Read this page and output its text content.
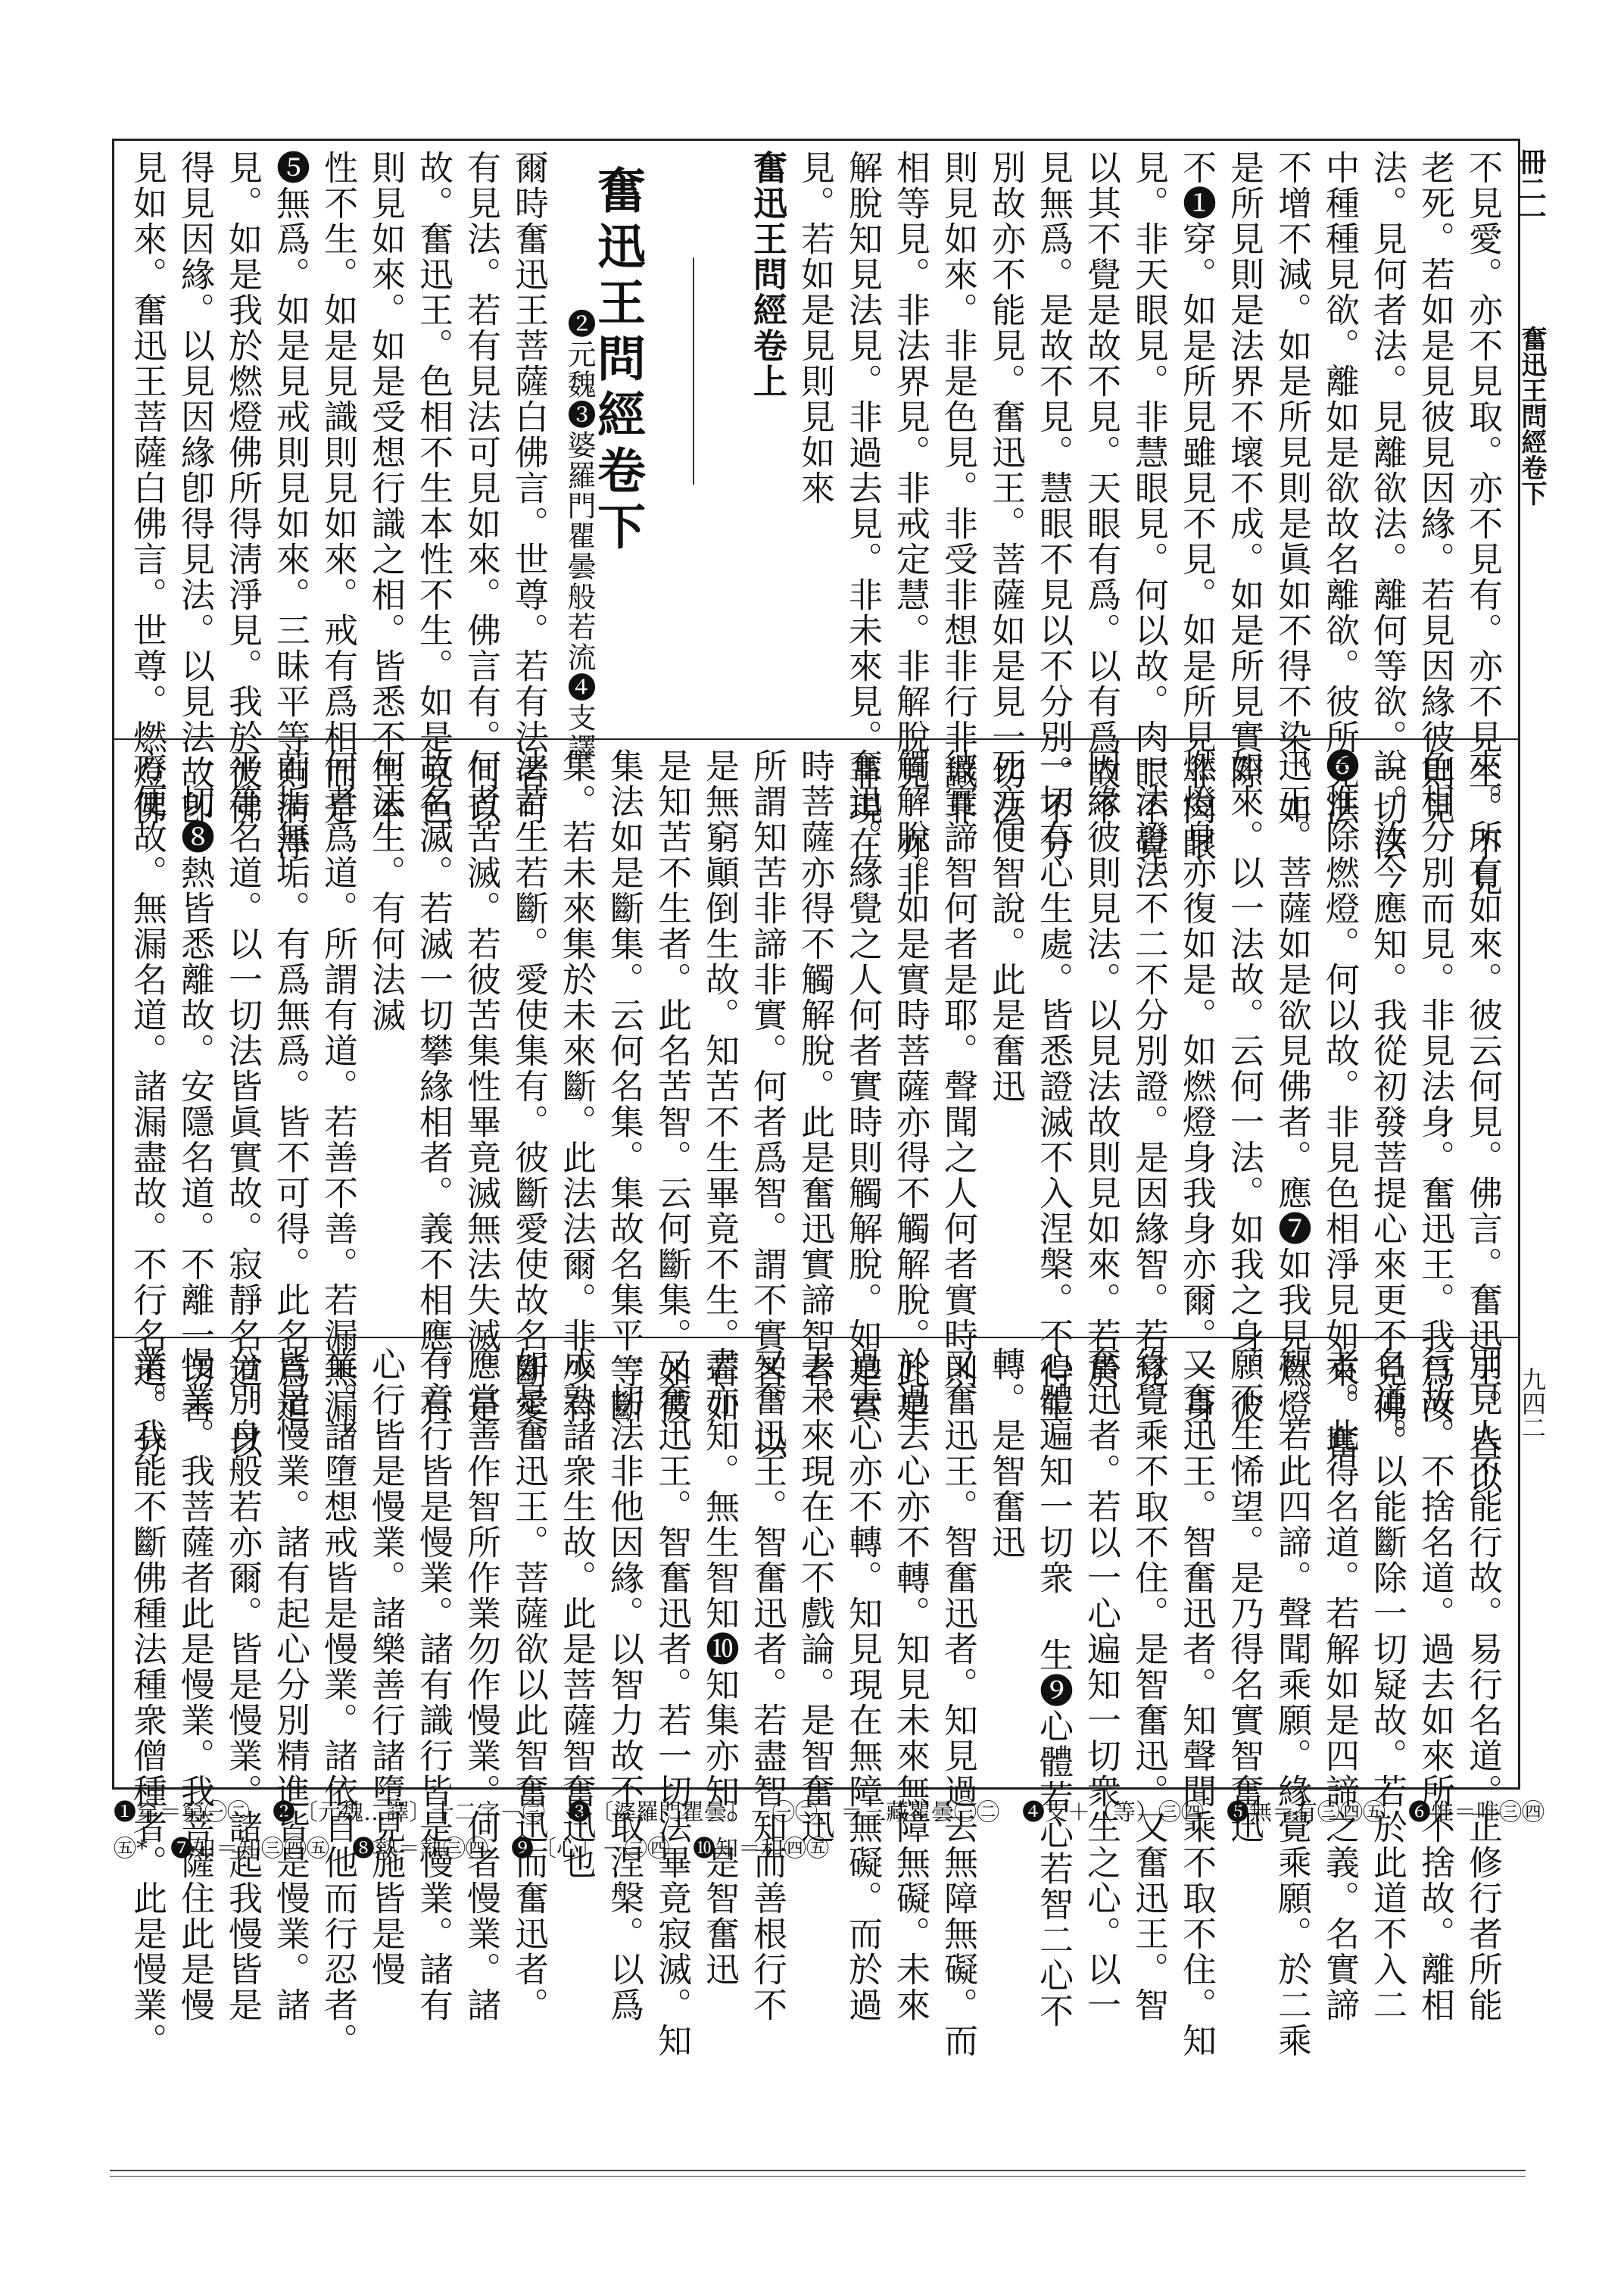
冊二一
奮迅王問經卷下
九四二
不見愛。亦不見取。亦不見有。亦不見生。不見
老死。若如是見彼見因緣。若見因緣彼則見
法。見何者法。見離欲法。離何等欲。一切法
中種種見欲。離如是欲故名離欲。彼所見法
不增不減。如是所見則是眞如不得不染。如
是所見則是法界不壞不成。如是所見實際
不❶穿。如是所見雖見不見。如是所見非肉眼
見。非天眼見。非慧眼見。何以故。肉眼不覺。
以其不覺是故不見。天眼有爲。以有爲故不
見無爲。是故不見。慧眼不見以不分別。不分
別故亦不能見。奮迅王。菩薩如是見一切法
則見如來。非是色見。非受非想非行非識非
相等見。非法界見。非戒定慧。非解脫見。亦非
解脫知見法見。非過去見。非未來見。非現在
見。若如是見則見如來
奮迅王問經卷上
奮迅王問經卷下
❷元魏❸婆羅門瞿曇般若流❹支譯
爾時奮迅王菩薩白佛言。世尊。若有法者可
有見法。若有見法可見如來。佛言有。何以
故。奮迅王。色相不生本性不生。如是見色
則見如來。如是受想行識之相。皆悉不生本
性不生。如是見識則見如來。戒有爲相而是
❺無爲。如是見戒則見如來。三昧平等則淸淨
見。如是我於燃燈佛所得淸淨見。我於彼佛
得見因緣。以見因緣卽得見法。以見法故卽
見如來。奮迅王菩薩白佛言。世尊。燃燈佛
來。所有如來。彼云何見。佛言。奮迅王。皆以
色相分別而見。非見法身。奮迅王。我爲汝
說。汝今應知。我從初發菩提心來更不見佛。
❻惟除燃燈。何以故。非見色相淨見如來。奮
迅王。菩薩如是欲見佛者。應❼如我見燃燈
如來。以一法故。云何一法。如我之身。彼
燃燈身亦復如是。如燃燈身我身亦爾。一身
一法證法不二不分別證。是因緣智。若見
因緣彼則見法。以見法故則見如來。若於
一切有心生處。皆悉證滅不入涅槃。不得生
死方便智說。此是奮迅
彼實諦智何者是耶。聲聞之人何者實時則
觸解脫。如是實時菩薩亦得不觸解脫。此是
奮迅。緣覺之人何者實時則觸解脫。如是實
時菩薩亦得不觸解脫。此是奮迅實諦智者。
所謂知苦非諦非實。何者爲智。謂不實智。以
是無窮顚倒生故。知苦不生畢竟不生。若如
是知苦不生者。此名苦智。云何斷集。如彼
集法如是斷集。云何名集。集故名集平等斷
集。若未來集於未來斷。此法法爾。非少有
法若生若斷。愛使集有。彼斷愛使故名斷愛。
何者苦滅。若彼苦集性畢竟滅無法失滅。是
故名滅。若滅一切攀緣相者。義不相應。有
何法生。有何法滅
何者爲道。所謂有道。若善不善。若漏無漏。
若垢無垢。有爲無爲。皆不可得。此名爲道。
平等名道。以一切法皆眞實故。寂靜名道。以
一切❽熱皆悉離故。安隱名道。不離一切善
方便故。無漏名道。諸漏盡故。不行名道。分
別見人不能行故。易行名道。正修行者所能
行故。不捨名道。過去如來所不捨故。離相
名道。以能斷除一切疑故。若於此道不入二
者。此得名道。若解如是四諦之義。名實諦
智。若此四諦。聲聞乘願。緣覺乘願。於二乘
願不生悕望。是乃得名實智奮迅
又奮迅王。智奮迅者。知聲聞乘不取不住。知
緣覺乘不取不住。是智奮迅。又奮迅王。智
奮迅者。若以一心遍知一切衆生之心。以一
心體遍知一切衆 生❾心體若心若智二心不
轉。是智奮迅
又奮迅王。智奮迅者。知見過去無障無礙。而
於過去心亦不轉。知見未來無障無礙。未來
過去心亦不轉。知見現在無障無礙。而於過
去未來現在心不戲論。是智奮迅
又奮迅王。智奮迅者。若盡智知而善根行不
盡亦知。無生智知❿知集亦知。是智奮迅
又奮迅王。智奮迅者。若一切法畢竟寂滅。知
一切法非他因緣。以智力故不取涅槃。以爲
成熟諸衆生故。此是菩薩智奮迅也
如是奮迅王。菩薩欲以此智奮迅而奮迅者。
應當善作智所作業勿作慢業。何者慢業。諸
有意行皆是慢業。諸有識行皆是慢業。諸有
心行皆是慢業。諸樂善行諸墮見施皆是慢
業。諸墮想戒皆是慢業。諸依自他而行忍者。
皆是慢業。諸有起心分別精進皆是慢業。諸
分別身般若亦爾。皆是慢業。諸起我慢皆是
慢業。我菩薩者此是慢業。我菩薩住此是慢
業。我能不斷佛種法種衆僧種者。此是慢業。
❶穿＝窮㊀㊁　❷〔元魏…譯〕十二字－㊂　❸〔婆羅門瞿曇〕－㊀㊁，＝三藏瞿曇㊀㊁　❹支＋（等）㊂㊃　❺無＝有㊂㊃㊄　❻惟＝唯㊂㊃
㊄*　❼如＝知㊂㊃㊄　❽熱＝執㊂㊃　❾〔心〕－㊂㊃　❿知＝和㊃㊄
